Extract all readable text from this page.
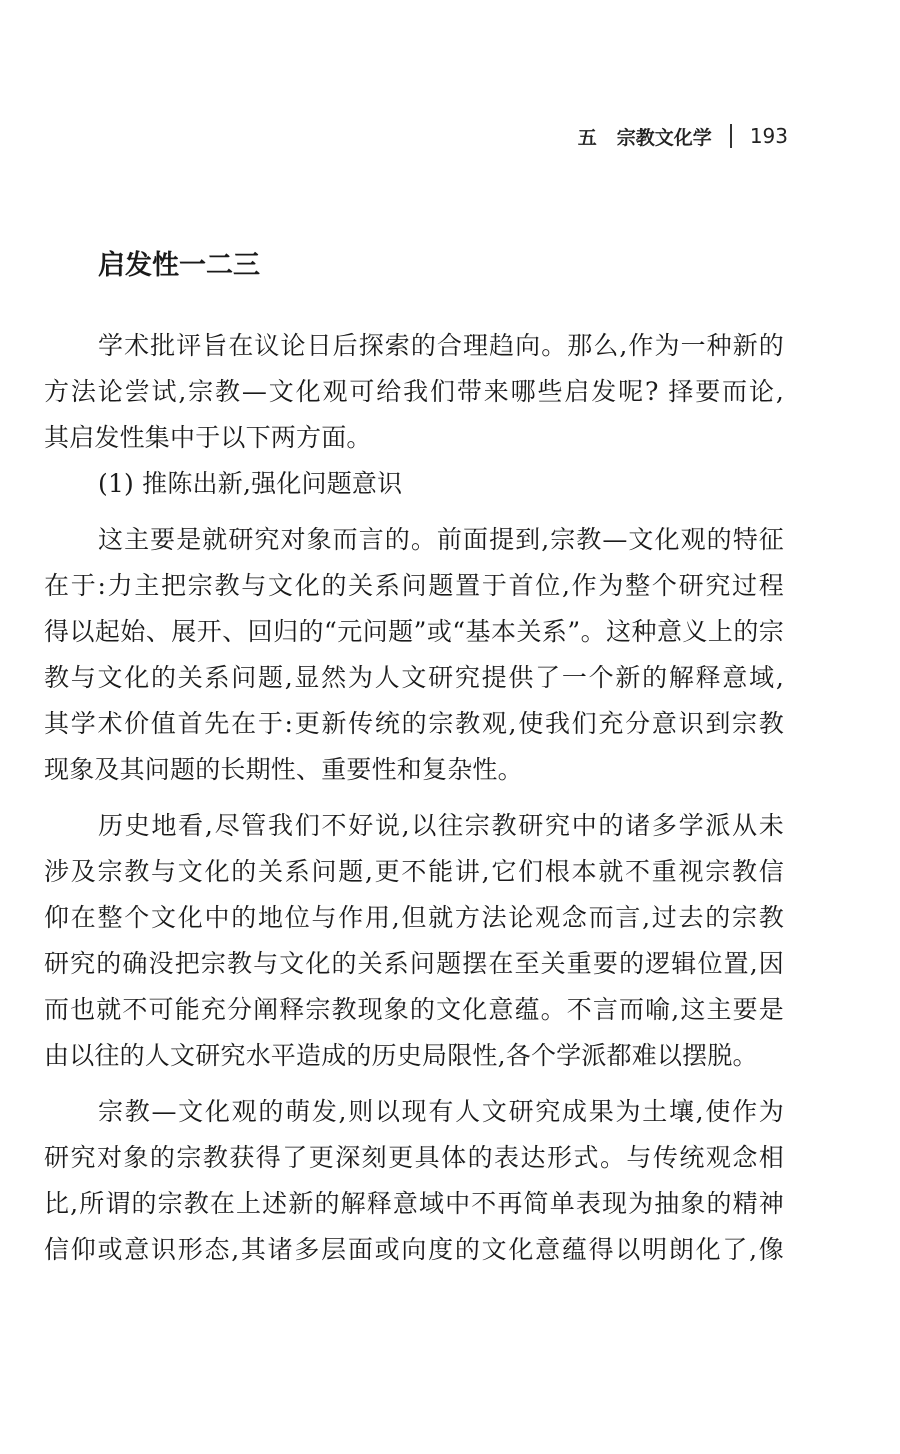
五 宗教文化学 193
启发性一二三
学术批评旨在议论日后探索的合理趋向。那么,作为一种新的
方法论尝试,宗教—文化观可给我们带来哪些启发呢? 择要而论,
其启发性集中于以下两方面。
(1) 推陈出新,强化问题意识
这主要是就研究对象而言的。前面提到,宗教—文化观的特征
在于:力主把宗教与文化的关系问题置于首位,作为整个研究过程
得以起始、展开、回归的“元问题”或“基本关系”。这种意义上的宗
教与文化的关系问题,显然为人文研究提供了一个新的解释意域,
其学术价值首先在于:更新传统的宗教观,使我们充分意识到宗教
现象及其问题的长期性、重要性和复杂性。
历史地看,尽管我们不好说,以往宗教研究中的诸多学派从未
涉及宗教与文化的关系问题,更不能讲,它们根本就不重视宗教信
仰在整个文化中的地位与作用,但就方法论观念而言,过去的宗教
研究的确没把宗教与文化的关系问题摆在至关重要的逻辑位置,因
而也就不可能充分阐释宗教现象的文化意蕴。不言而喻,这主要是
由以往的人文研究水平造成的历史局限性,各个学派都难以摆脱。
宗教—文化观的萌发,则以现有人文研究成果为土壤,使作为
研究对象的宗教获得了更深刻更具体的表达形式。与传统观念相
比,所谓的宗教在上述新的解释意域中不再简单表现为抽象的精神
信仰或意识形态,其诸多层面或向度的文化意蕴得以明朗化了,像
